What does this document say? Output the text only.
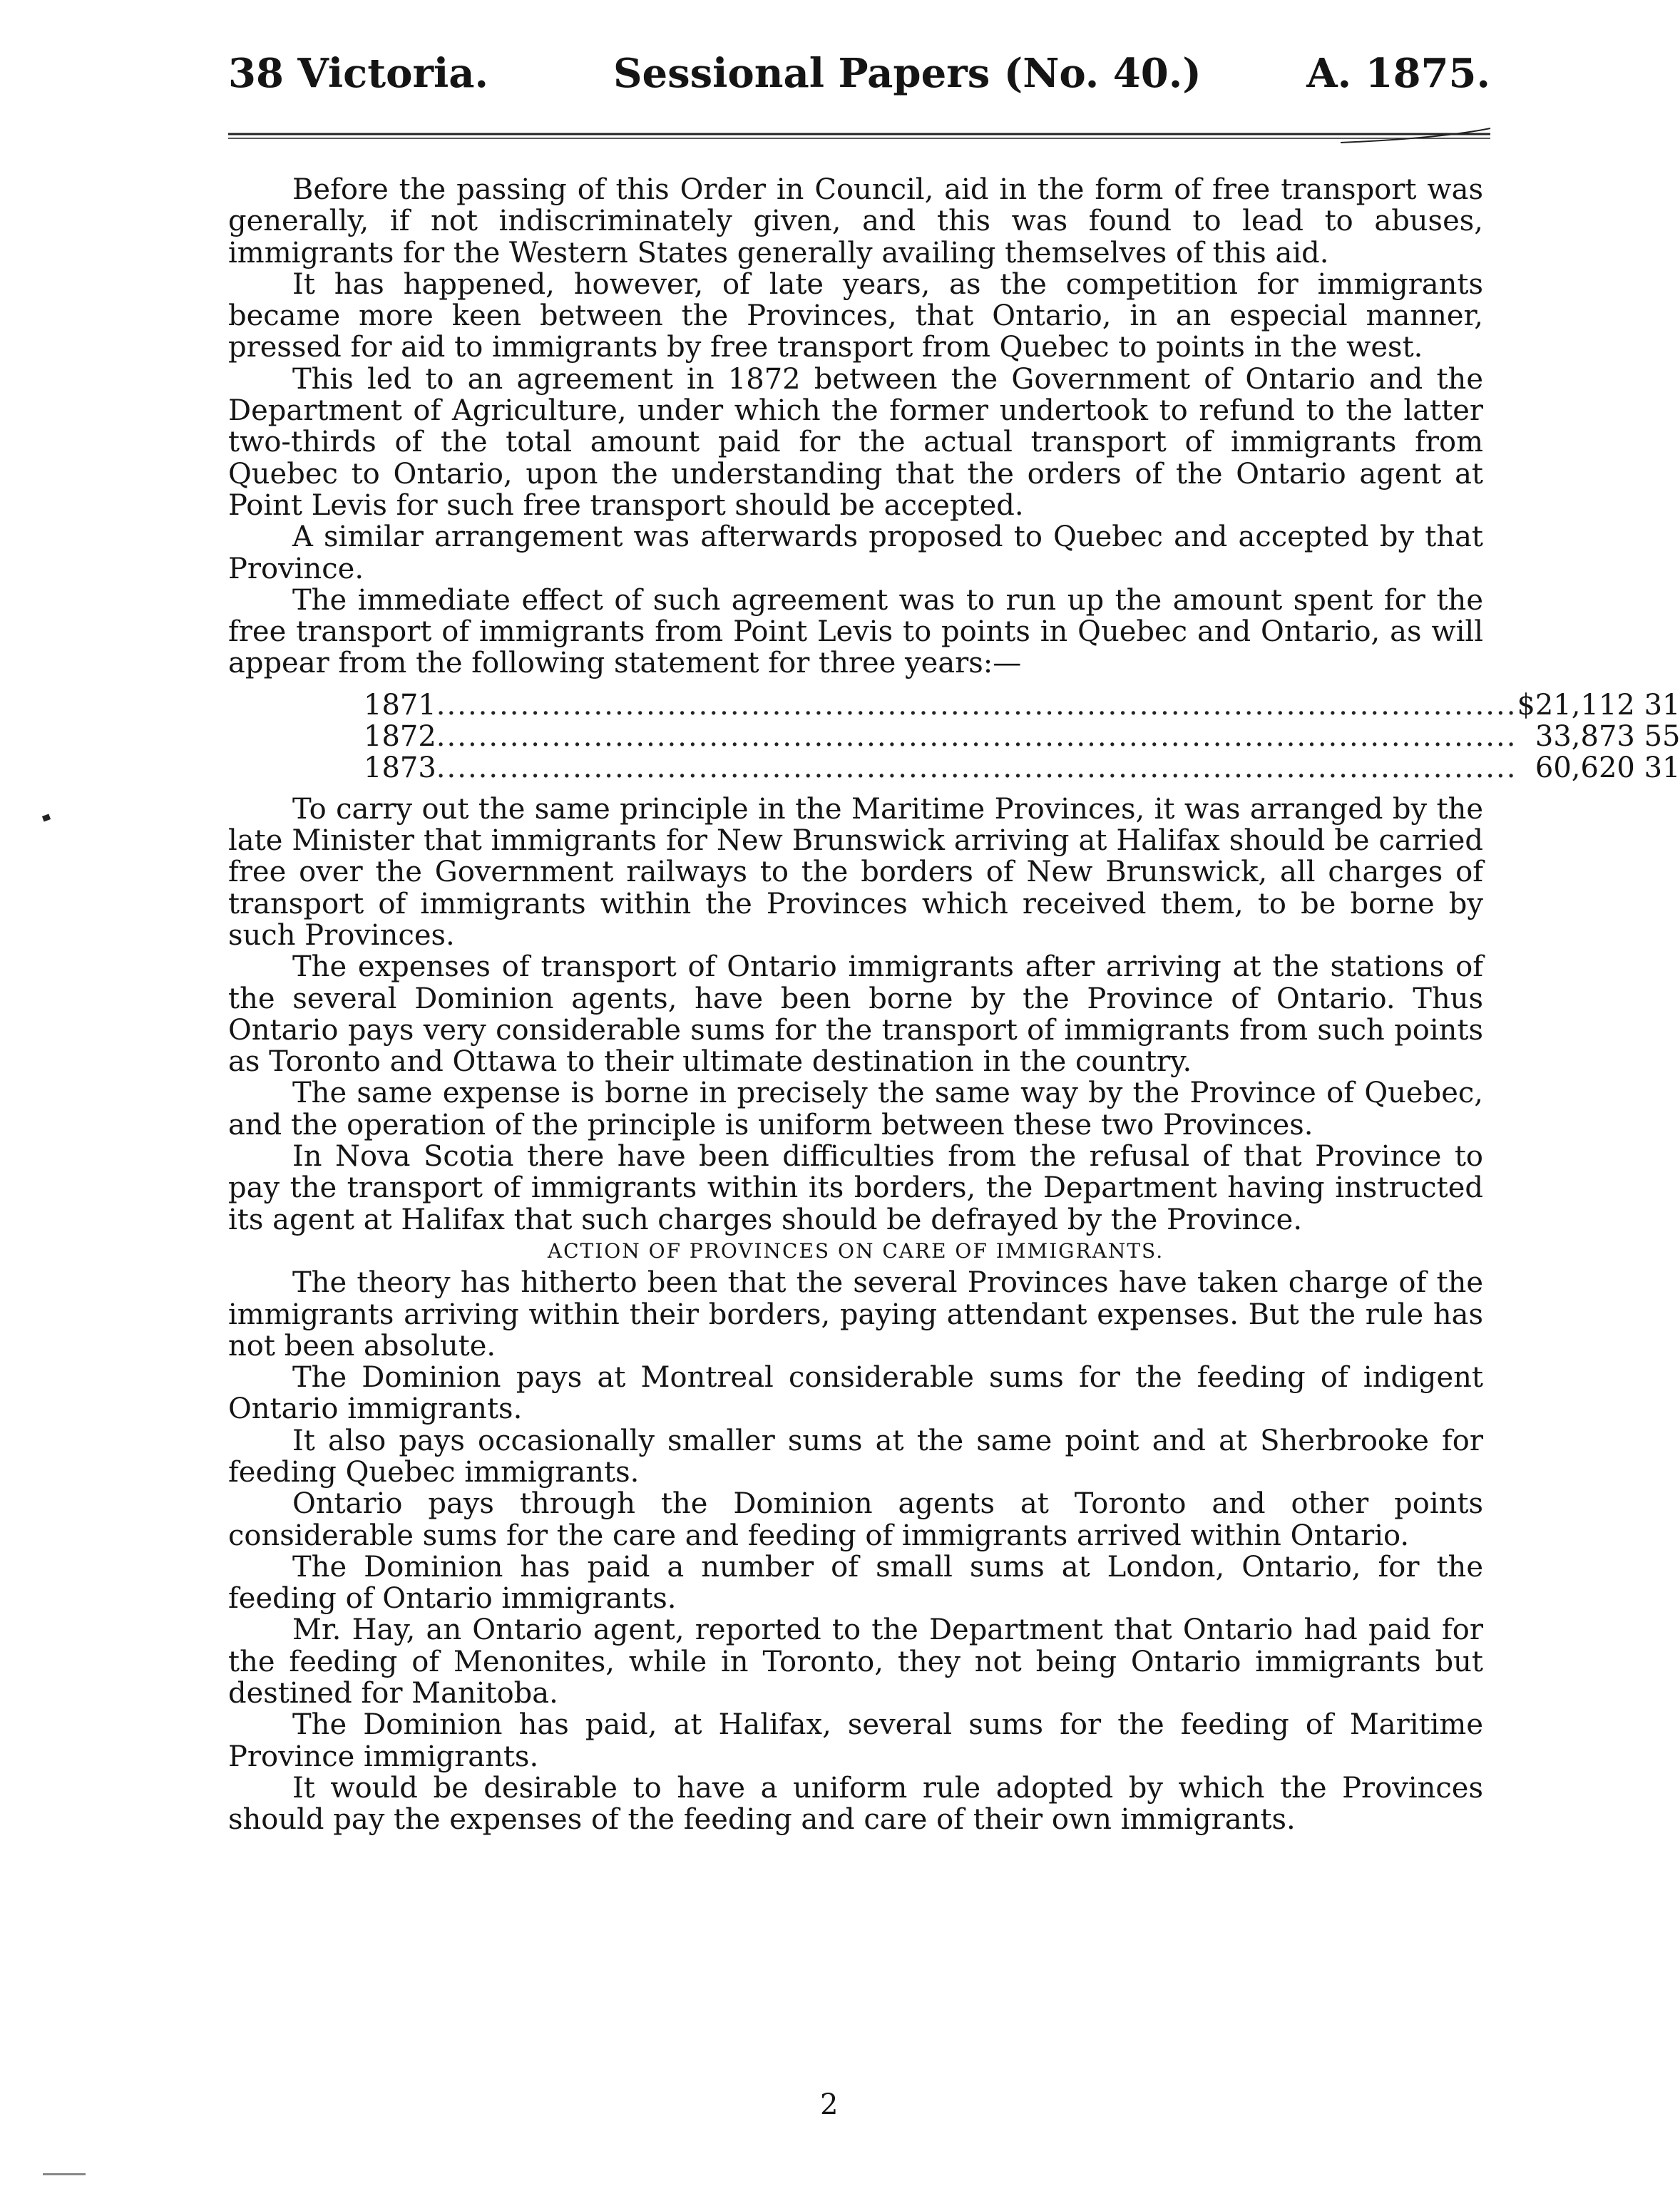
38 Victoria.	Sessional Papers (No. 40.)	A. 1875.

Before the passing of this Order in Council, aid in the form of free transport was generally, if not indiscriminately given, and this was found to lead to abuses, immigrants for the Western States generally availing themselves of this aid.

It has happened, however, of late years, as the competition for immigrants became more keen between the Provinces, that Ontario, in an especial manner, pressed for aid to immigrants by free transport from Quebec to points in the west.

This led to an agreement in 1872 between the Government of Ontario and the Department of Agriculture, under which the former undertook to refund to the latter two-thirds of the total amount paid for the actual transport of immigrants from Quebec to Ontario, upon the understanding that the orders of the Ontario agent at Point Levis for such free transport should be accepted.

A similar arrangement was afterwards proposed to Quebec and accepted by that Province.

The immediate effect of such agreement was to run up the amount spent for the free transport of immigrants from Point Levis to points in Quebec and Ontario, as will appear from the following statement for three years:—

1871	.......................................................................................................	$21,112 31
1872	.......................................................................................................	33,873 55
1873	.......................................................................................................	60,620 31

To carry out the same principle in the Maritime Provinces, it was arranged by the late Minister that immigrants for New Brunswick arriving at Halifax should be carried free over the Government railways to the borders of New Brunswick, all charges of transport of immigrants within the Provinces which received them, to be borne by such Provinces.

The expenses of transport of Ontario immigrants after arriving at the stations of the several Dominion agents, have been borne by the Province of Ontario. Thus Ontario pays very considerable sums for the transport of immigrants from such points as Toronto and Ottawa to their ultimate destination in the country.

The same expense is borne in precisely the same way by the Province of Quebec, and the operation of the principle is uniform between these two Provinces.

In Nova Scotia there have been difficulties from the refusal of that Province to pay the transport of immigrants within its borders, the Department having instructed its agent at Halifax that such charges should be defrayed by the Province.

ACTION OF PROVINCES ON CARE OF IMMIGRANTS.

The theory has hitherto been that the several Provinces have taken charge of the immigrants arriving within their borders, paying attendant expenses. But the rule has not been absolute.

The Dominion pays at Montreal considerable sums for the feeding of indigent Ontario immigrants.

It also pays occasionally smaller sums at the same point and at Sherbrooke for feeding Quebec immigrants.

Ontario pays through the Dominion agents at Toronto and other points considerable sums for the care and feeding of immigrants arrived within Ontario.

The Dominion has paid a number of small sums at London, Ontario, for the feeding of Ontario immigrants.

Mr. Hay, an Ontario agent, reported to the Department that Ontario had paid for the feeding of Menonites, while in Toronto, they not being Ontario immigrants but destined for Manitoba.

The Dominion has paid, at Halifax, several sums for the feeding of Maritime Province immigrants.

It would be desirable to have a uniform rule adopted by which the Provinces should pay the expenses of the feeding and care of their own immigrants.

2
